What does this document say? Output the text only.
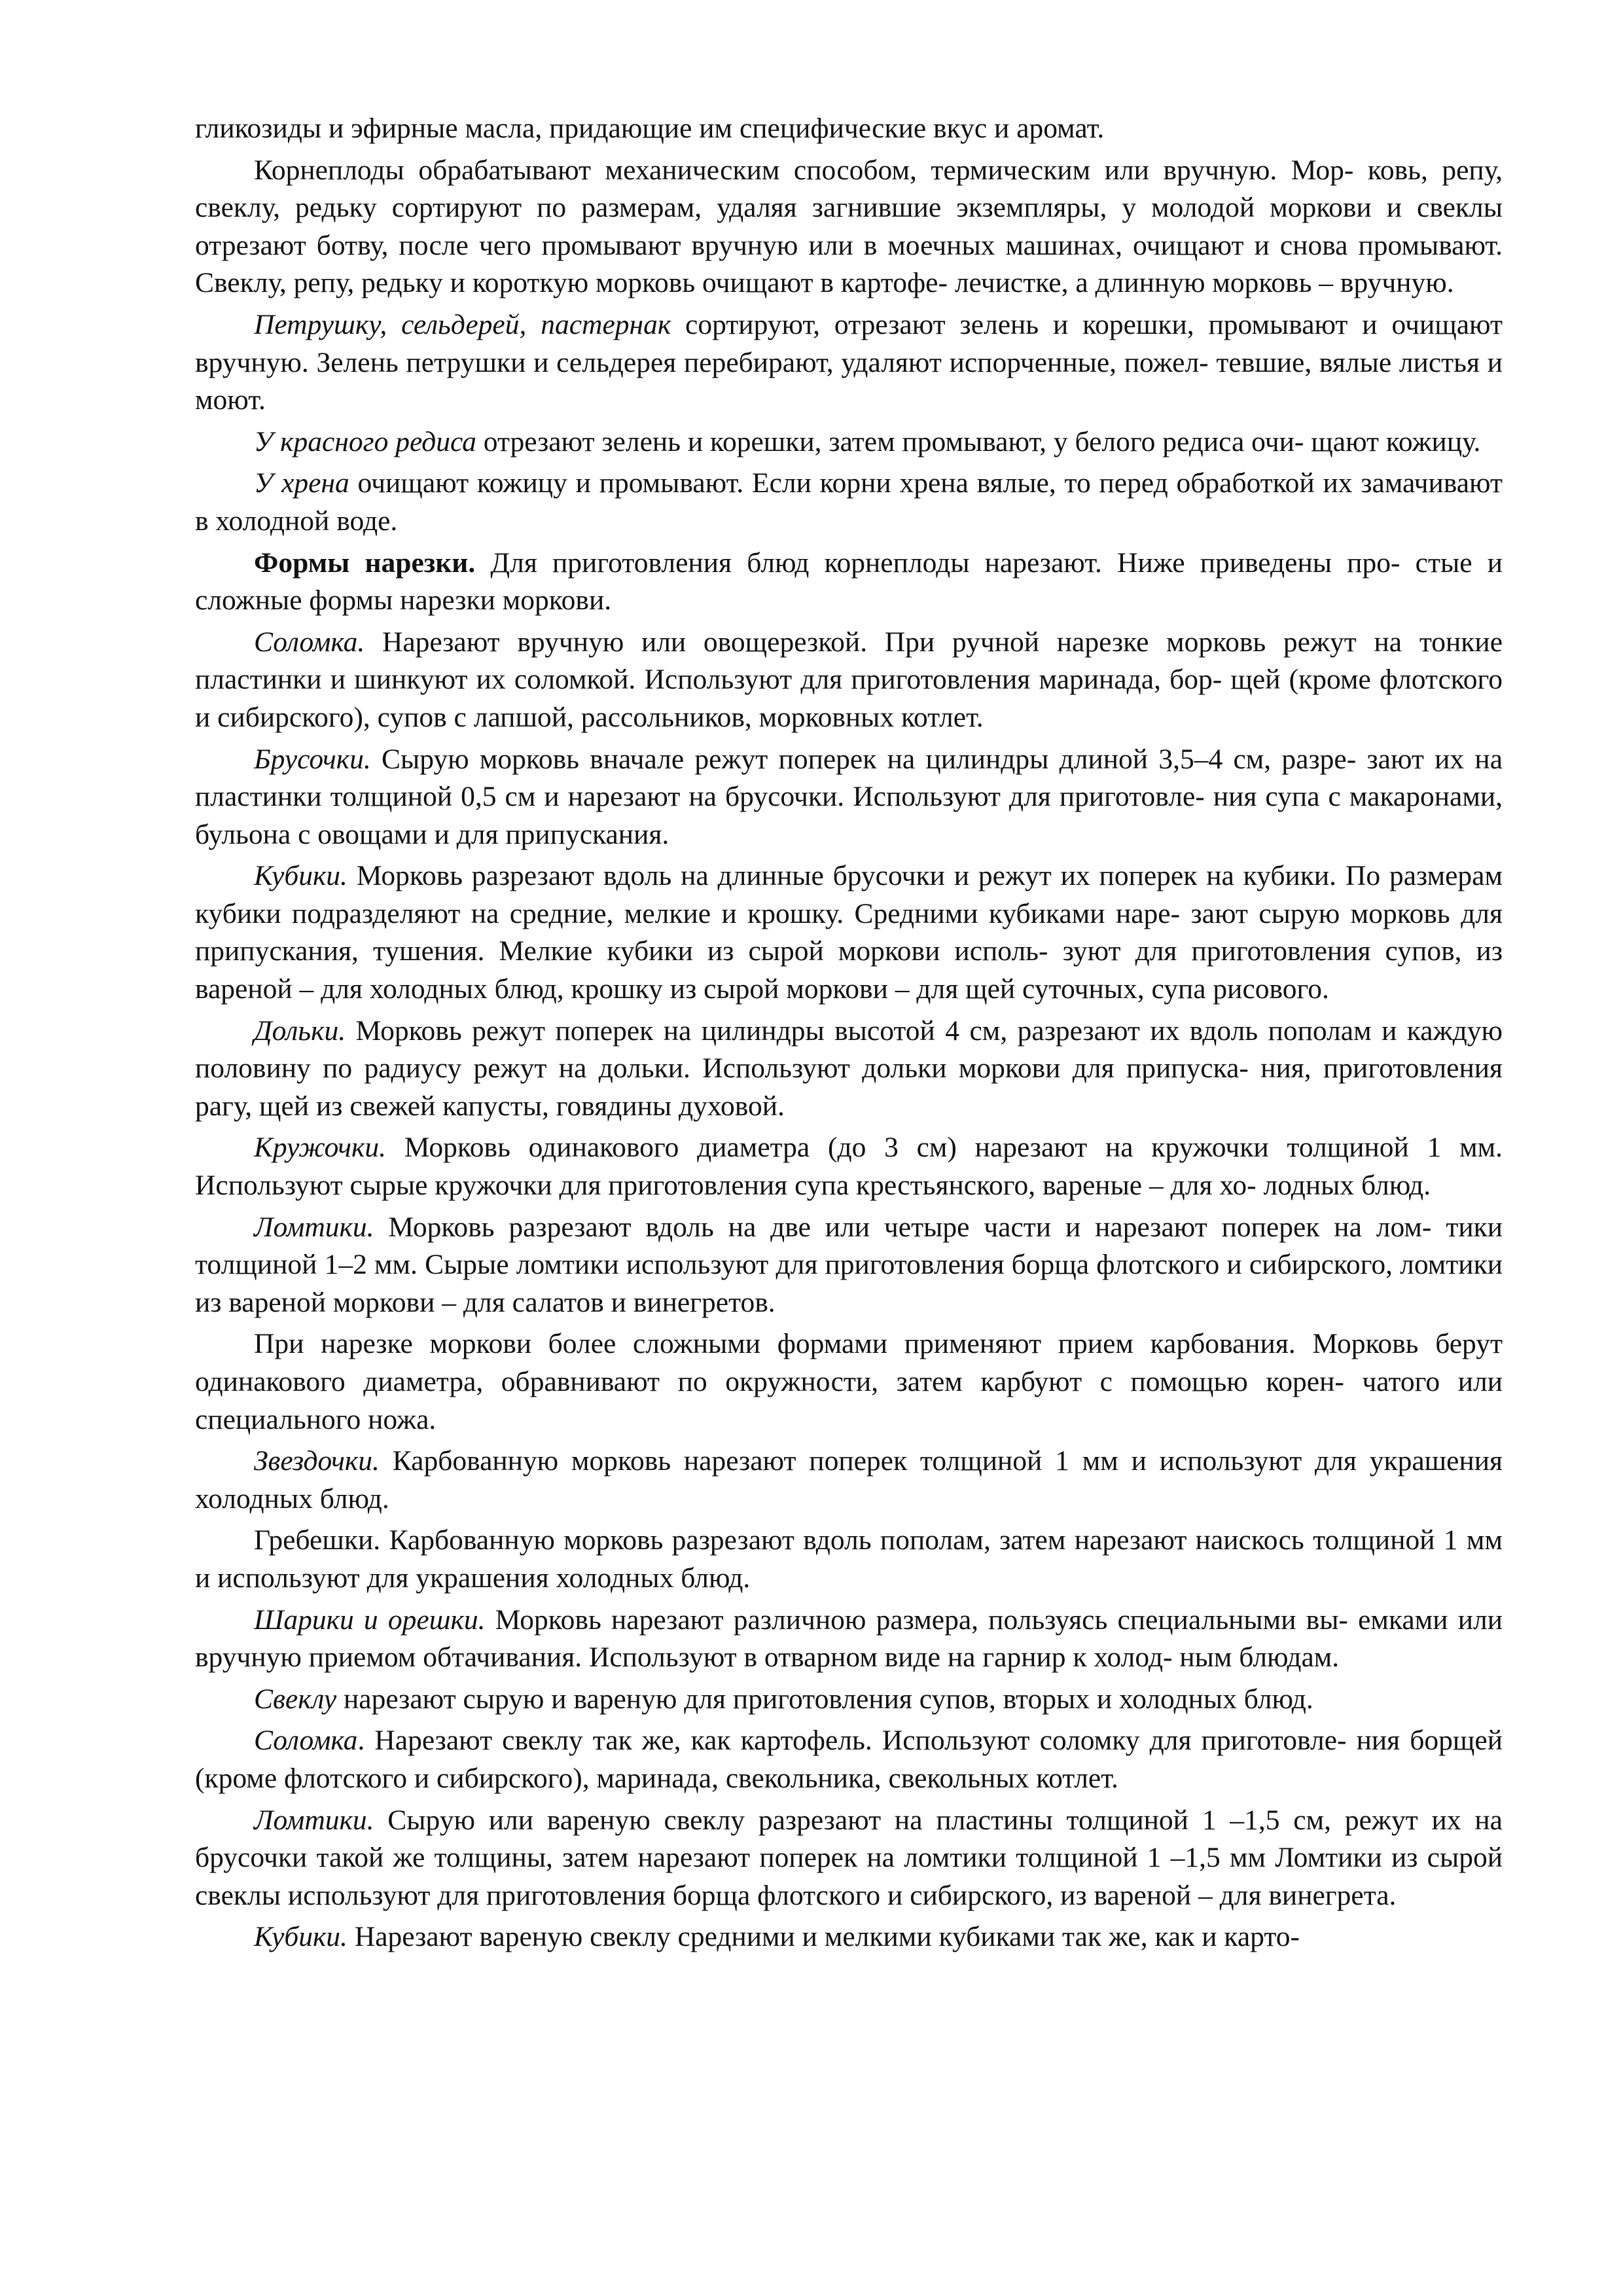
гликозиды и эфирные масла, придающие им специфические вкус и аромат.

Корнеплоды обрабатывают механическим способом, термическим или вручную. Мор- ковь, репу, свеклу, редьку сортируют по размерам, удаляя загнившие экземпляры, у молодой моркови и свеклы отрезают ботву, после чего промывают вручную или в моечных машинах, очищают и снова промывают. Свеклу, репу, редьку и короткую морковь очищают в картофе- лечистке, а длинную морковь – вручную.

Петрушку, сельдерей, пастернак сортируют, отрезают зелень и корешки, промывают и очищают вручную. Зелень петрушки и сельдерея перебирают, удаляют испорченные, пожел- тевшие, вялые листья и моют.

У красного редиса отрезают зелень и корешки, затем промывают, у белого редиса очи- щают кожицу.

У хрена очищают кожицу и промывают. Если корни хрена вялые, то перед обработкой их замачивают в холодной воде.

Формы нарезки. Для приготовления блюд корнеплоды нарезают. Ниже приведены про- стые и сложные формы нарезки моркови.

Соломка. Нарезают вручную или овощерезкой. При ручной нарезке морковь режут на тонкие пластинки и шинкуют их соломкой. Используют для приготовления маринада, бор- щей (кроме флотского и сибирского), супов с лапшой, рассольников, морковных котлет.

Брусочки. Сырую морковь вначале режут поперек на цилиндры длиной 3,5–4 см, разре- зают их на пластинки толщиной 0,5 см и нарезают на брусочки. Используют для приготовле- ния супа с макаронами, бульона с овощами и для припускания.

Кубики. Морковь разрезают вдоль на длинные брусочки и режут их поперек на кубики. По размерам кубики подразделяют на средние, мелкие и крошку. Средними кубиками наре- зают сырую морковь для припускания, тушения. Мелкие кубики из сырой моркови исполь- зуют для приготовления супов, из вареной – для холодных блюд, крошку из сырой моркови – для щей суточных, супа рисового.

Дольки. Морковь режут поперек на цилиндры высотой 4 см, разрезают их вдоль пополам и каждую половину по радиусу режут на дольки. Используют дольки моркови для припуска- ния, приготовления рагу, щей из свежей капусты, говядины духовой.

Кружочки. Морковь одинакового диаметра (до 3 см) нарезают на кружочки толщиной 1 мм. Используют сырые кружочки для приготовления супа крестьянского, вареные – для хо- лодных блюд.

Ломтики. Морковь разрезают вдоль на две или четыре части и нарезают поперек на лом- тики толщиной 1–2 мм. Сырые ломтики используют для приготовления борща флотского и сибирского, ломтики из вареной моркови – для салатов и винегретов.

При нарезке моркови более сложными формами применяют прием карбования. Морковь берут одинакового диаметра, обравнивают по окружности, затем карбуют с помощью корен- чатого или специального ножа.

Звездочки. Карбованную морковь нарезают поперек толщиной 1 мм и используют для украшения холодных блюд.

Гребешки. Карбованную морковь разрезают вдоль пополам, затем нарезают наискось толщиной 1 мм и используют для украшения холодных блюд.

Шарики и орешки. Морковь нарезают различною размера, пользуясь специальными вы- емками или вручную приемом обтачивания. Используют в отварном виде на гарнир к холод- ным блюдам.

Свеклу нарезают сырую и вареную для приготовления супов, вторых и холодных блюд.

Соломка. Нарезают свеклу так же, как картофель. Используют соломку для приготовле- ния борщей (кроме флотского и сибирского), маринада, свекольника, свекольных котлет.

Ломтики. Сырую или вареную свеклу разрезают на пластины толщиной 1 –1,5 см, режут их на брусочки такой же толщины, затем нарезают поперек на ломтики толщиной 1 –1,5 мм Ломтики из сырой свеклы используют для приготовления борща флотского и сибирского, из вареной – для винегрета.

Кубики. Нарезают вареную свеклу средними и мелкими кубиками так же, как и карто-
